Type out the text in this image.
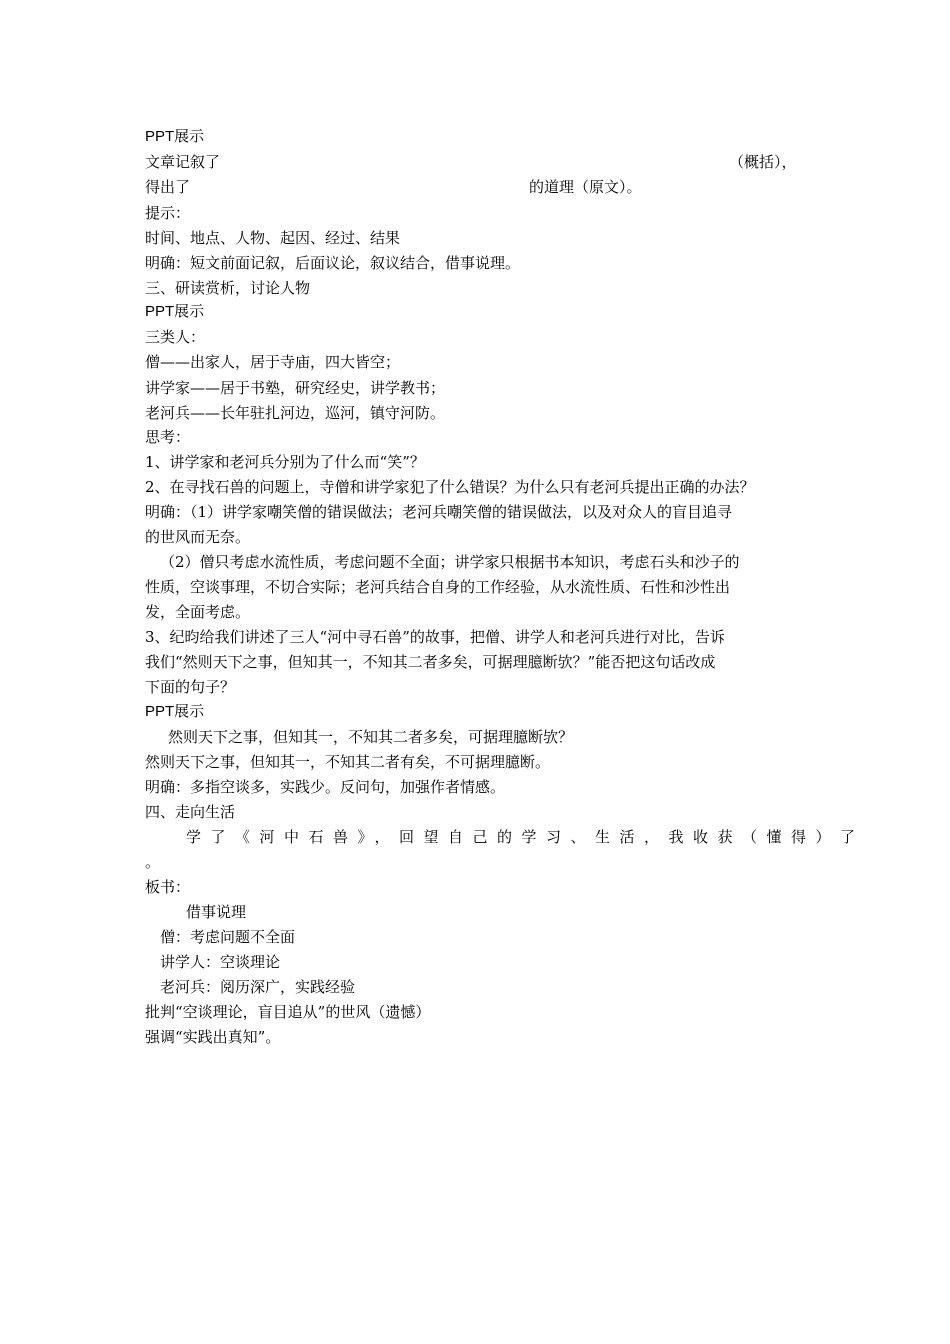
PPT展示
文章记叙了	（概括），
得出了	的道理（原文）。
提示：
时间、地点、人物、起因、经过、结果
明确：短文前面记叙，后面议论，叙议结合，借事说理。
三、研读赏析，讨论人物
PPT展示
三类人：
僧——出家人，居于寺庙，四大皆空；
讲学家——居于书塾，研究经史，讲学教书；
老河兵——长年驻扎河边，巡河，镇守河防。
思考：
1、讲学家和老河兵分别为了什么而“笑”？
2、在寻找石兽的问题上，寺僧和讲学家犯了什么错误？为什么只有老河兵提出正确的办法？
明确：（1）讲学家嘲笑僧的错误做法；老河兵嘲笑僧的错误做法，以及对众人的盲目追寻
的世风而无奈。
（2）僧只考虑水流性质，考虑问题不全面；讲学家只根据书本知识，考虑石头和沙子的
性质，空谈事理，不切合实际；老河兵结合自身的工作经验，从水流性质、石性和沙性出
发，全面考虑。
3、纪昀给我们讲述了三人“河中寻石兽”的故事，把僧、讲学人和老河兵进行对比，告诉
我们“然则天下之事，但知其一，不知其二者多矣，可据理臆断欤？”能否把这句话改成
下面的句子？
PPT展示
然则天下之事，但知其一，不知其二者多矣，可据理臆断欤？
然则天下之事，但知其一，不知其二者有矣，不可据理臆断。
明确：多指空谈多，实践少。反问句，加强作者情感。
四、走向生活
学了《河中石兽》，回望自己的学习、生活，我收获（懂得）了
。
板书：
借事说理
僧：考虑问题不全面
讲学人：空谈理论
老河兵：阅历深广，实践经验
批判“空谈理论，盲目追从”的世风（遗憾）
强调“实践出真知”。
